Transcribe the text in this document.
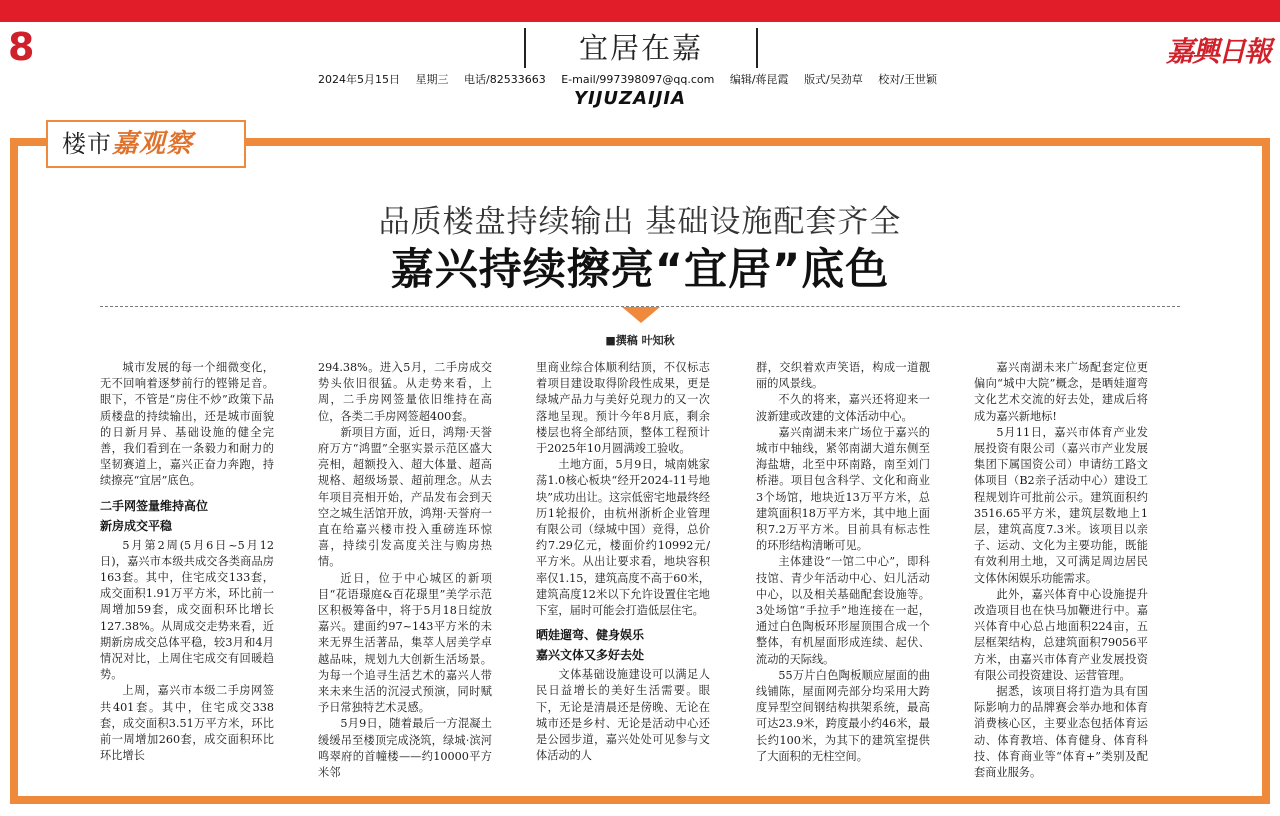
8	宜居在嘉
2024年5月15日 星期三 电话/82533663 E-mail/997398097@qq.com 编辑/蒋昆霞 版式/吴劲草 校对/王世颖
YIJUZAIJIA
嘉興日報
楼市嘉观察
品质楼盘持续输出 基础设施配套齐全
嘉兴持续擦亮“宜居”底色
■撰稿 叶知秋

城市发展的每一个细微变化，无不回响着逐梦前行的铿锵足音。眼下，不管是“房住不炒”政策下品质楼盘的持续输出，还是城市面貌的日新月异、基础设施的健全完善，我们看到在一条毅力和耐力的坚韧赛道上，嘉兴正奋力奔跑，持续擦亮“宜居”底色。

二手网签量维持高位
新房成交平稳

5月第2周(5月6日~5月12日)，嘉兴市本级共成交各类商品房163套。其中，住宅成交133套，成交面积1.91万平方米，环比前一周增加59套，成交面积环比增长127.38%。从周成交走势来看，近期新房成交总体平稳，较3月和4月情况对比，上周住宅成交有回暖趋势。

上周，嘉兴市本级二手房网签共401套。其中，住宅成交338套，成交面积3.51万平方米，环比前一周增加260套，成交面积环比环比增长

294.38%。进入5月，二手房成交势头依旧很猛。从走势来看，上周，二手房网签量依旧维持在高位，各类二手房网签超400套。

新项目方面，近日，鸿翔·天誉府万方“鸿盟”全驱实景示范区盛大亮相，超额投入、超大体量、超高规格、超级场景、超前理念。从去年项目亮相开始，产品发布会到天空之城生活馆开放，鸿翔·天誉府一直在给嘉兴楼市投入重磅连环惊喜，持续引发高度关注与购房热情。

近日，位于中心城区的新项目“花语璟庭&百花璟里”美学示范区积极筹备中，将于5月18日绽放嘉兴。建面约97~143平方米的未来无界生活著品，集萃人居美学卓越品味，规划九大创新生活场景。为每一个追寻生活艺术的嘉兴人带来未来生活的沉浸式预演，同时赋予日常独特艺术灵感。

5月9日，随着最后一方混凝土缓缓吊至楼顶完成浇筑，绿城·滨河鸣翠府的首幢楼——约10000平方米邻

里商业综合体顺利结顶，不仅标志着项目建设取得阶段性成果，更是绿城产品力与美好兑现力的又一次落地呈现。预计今年8月底，剩余楼层也将全部结顶，整体工程预计于2025年10月圆满竣工验收。

土地方面，5月9日，城南姚家荡1.0核心板块“经开2024-11号地块”成功出让。这宗低密宅地最终经历1轮报价，由杭州浙析企业管理有限公司（绿城中国）竞得，总价约7.29亿元，楼面价约10992元/平方米。从出让要求看，地块容积率仅1.15，建筑高度不高于60米，建筑高度12米以下允许设置住宅地下室，届时可能会打造低层住宅。

晒娃遛弯、健身娱乐
嘉兴文体又多好去处

文体基础设施建设可以满足人民日益增长的美好生活需要。眼下，无论是清晨还是傍晚、无论在城市还是乡村、无论是活动中心还是公园步道，嘉兴处处可见参与文体活动的人

群，交织着欢声笑语，构成一道靓丽的风景线。

不久的将来，嘉兴还将迎来一波新建或改建的文体活动中心。

嘉兴南湖未来广场位于嘉兴的城市中轴线，紧邻南湖大道东侧至海盐塘，北至中环南路，南至刘门桥港。项目包含科学、文化和商业3个场馆，地块近13万平方米，总建筑面积18万平方米，其中地上面积7.2万平方米。目前具有标志性的环形结构清晰可见。

主体建设“一馆二中心”，即科技馆、青少年活动中心、妇儿活动中心，以及相关基础配套设施等。3处场馆“手拉手”地连接在一起，通过白色陶板环形屋顶围合成一个整体，有机屋面形成连续、起伏、流动的天际线。

55万片白色陶板顺应屋面的曲线铺陈，屋面网壳部分均采用大跨度异型空间钢结构拱架系统，最高可达23.9米，跨度最小约46米，最长约100米，为其下的建筑室提供了大面积的无柱空间。

嘉兴南湖未来广场配套定位更偏向“城中大院”概念，是晒娃遛弯文化艺术交流的好去处，建成后将成为嘉兴新地标!

5月11日，嘉兴市体育产业发展投资有限公司（嘉兴市产业发展集团下属国资公司）申请纺工路文体项目（B2亲子活动中心）建设工程规划许可批前公示。建筑面积约3516.65平方米，建筑层数地上1层，建筑高度7.3米。该项目以亲子、运动、文化为主要功能，既能有效利用土地，又可满足周边居民文体休闲娱乐功能需求。

此外，嘉兴体育中心设施提升改造项目也在快马加鞭进行中。嘉兴体育中心总占地面积224亩，五层框架结构，总建筑面积79056平方米，由嘉兴市体育产业发展投资有限公司投资建设、运营管理。

据悉，该项目将打造为具有国际影响力的品牌赛会举办地和体育消费核心区，主要业态包括体育运动、体育教培、体育健身、体育科技、体育商业等“体育+”类别及配套商业服务。
